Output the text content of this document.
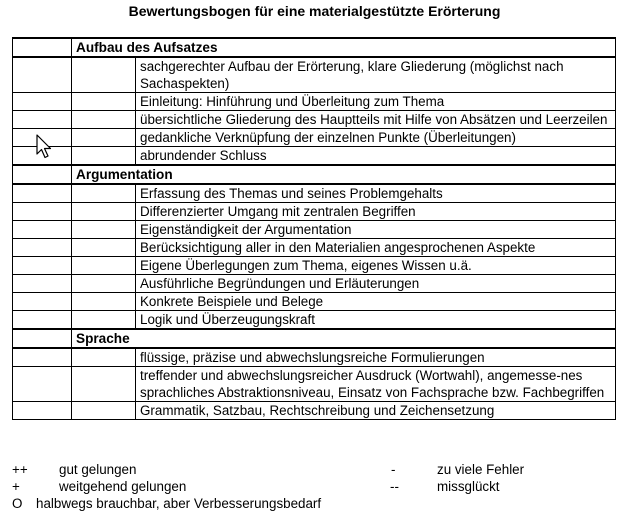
Bewertungsbogen für eine materialgestützte Erörterung
	Aufbau des Aufsatzes	
		sachgerechter Aufbau der Erörterung, klare Gliederung (möglichst nach Sachaspekten)
		Einleitung: Hinführung und Überleitung zum Thema
		übersichtliche Gliederung des Hauptteils mit Hilfe von Absätzen und Leerzeilen
		gedankliche Verknüpfung der einzelnen Punkte (Überleitungen)
		abrundender Schluss
	Argumentation	
		Erfassung des Themas und seines Problemgehalts
		Differenzierter Umgang mit zentralen Begriffen
		Eigenständigkeit der Argumentation
		Berücksichtigung aller in den Materialien angesprochenen Aspekte
		Eigene Überlegungen zum Thema, eigenes Wissen u.ä.
		Ausführliche Begründungen und Erläuterungen
		Konkrete Beispiele und Belege
		Logik und Überzeugungskraft
	Sprache	
		flüssige, präzise und abwechslungsreiche Formulierungen
		treffender und abwechslungsreicher Ausdruck (Wortwahl), angemesse-nes sprachliches Abstraktionsniveau, Einsatz von Fachsprache bzw. Fachbegriffen
		Grammatik, Satzbau, Rechtschreibung und Zeichensetzung
++ gut gelungen
+	weitgehend gelungen
O halbwegs brauchbar, aber Verbesserungsbedarf
-	zu viele Fehler
--	missglückt
